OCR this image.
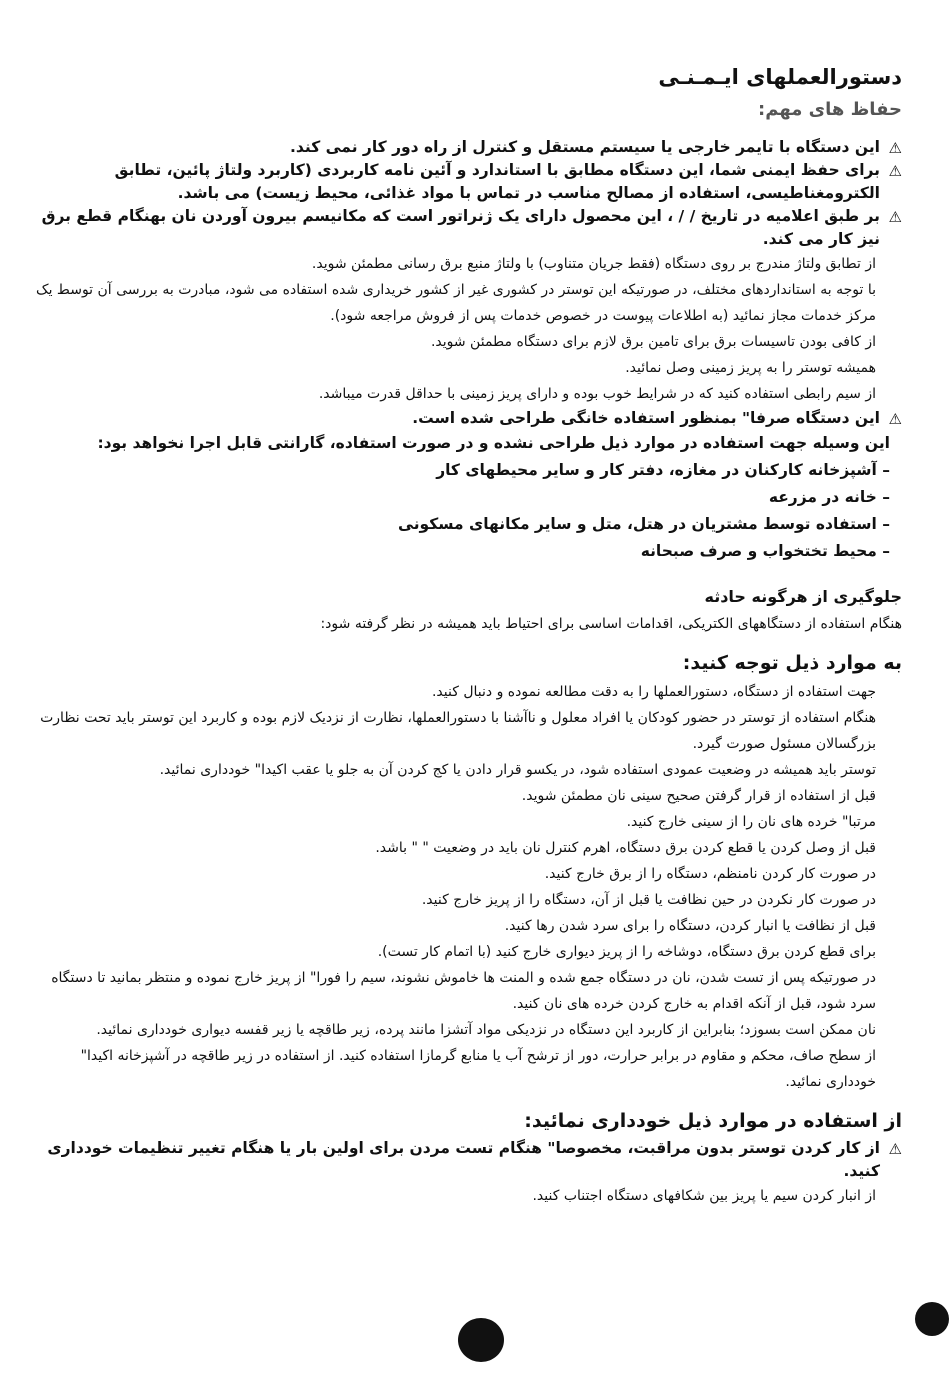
دستورالعملهای ایـمـنـی
حفاظ های مهم:

⚠
این دستگاه با تایمر خارجی یا سیستم مستقل و کنترل از راه دور کار نمی کند.

⚠
برای حفظ ایمنی شما، این دستگاه مطابق با استاندارد و آئین نامه کاربردی (کاربرد ولتاژ پائین، تطابق الکترومغناطیسی، استفاده از مصالح مناسب در تماس با مواد غذائی، محیط زیست) می باشد.

⚠
بر طبق اعلامیه در تاریخ / / ، این محصول دارای یک ژنراتور است که مکانیسم بیرون آوردن نان بهنگام قطع برق نیز کار می کند.

از تطابق ولتاژ مندرج بر روی دستگاه (فقط جریان متناوب) با ولتاژ منبع برق رسانی مطمئن شوید.

با توجه به استانداردهای مختلف، در صورتیکه این توستر در کشوری غیر از کشور خریداری شده استفاده می شود، مبادرت به بررسی آن توسط یک مرکز خدمات مجاز نمائید (به اطلاعات پیوست در خصوص خدمات پس از فروش مراجعه شود).

از کافی بودن تاسیسات برق برای تامین برق لازم برای دستگاه مطمئن شوید.

همیشه توستر را به پریز زمینی وصل نمائید.

از سیم رابطی استفاده کنید که در شرایط خوب بوده و دارای پریز زمینی با حداقل قدرت میباشد.

⚠
این دستگاه صرفا" بمنظور استفاده خانگی طراحی شده است.

این وسیله جهت استفاده در موارد ذیل طراحی نشده و در صورت استفاده، گارانتی قابل اجرا نخواهد بود:

– آشپزخانه کارکنان در مغازه، دفتر کار و سایر محیطهای کار

– خانه در مزرعه

– استفاده توسط مشتریان در هتل، متل و سایر مکانهای مسکونی

– محیط تختخواب و صرف صبحانه

جلوگیری از هرگونه حادثه

هنگام استفاده از دستگاههای الکتریکی، اقدامات اساسی برای احتیاط باید همیشه در نظر گرفته شود:

به موارد ذیل توجه کنید:

جهت استفاده از دستگاه، دستورالعملها را به دقت مطالعه نموده و دنبال کنید.

هنگام استفاده از توستر در حضور کودکان یا افراد معلول و ناآشنا با دستورالعملها، نظارت از نزدیک لازم بوده و کاربرد این توستر باید تحت نظارت بزرگسالان مسئول صورت گیرد.

توستر باید همیشه در وضعیت عمودی استفاده شود، در یکسو قرار دادن یا کج کردن آن به جلو یا عقب اکیدا" خودداری نمائید.

قبل از استفاده از قرار گرفتن صحیح سینی نان مطمئن شوید.

مرتبا" خرده های نان را از سینی خارج کنید.

قبل از وصل کردن یا قطع کردن برق دستگاه، اهرم کنترل نان باید در وضعیت " " باشد.

در صورت کار کردن نامنظم، دستگاه را از برق خارج کنید.

در صورت کار نکردن در حین نظافت یا قبل از آن، دستگاه را از پریز خارج کنید.

قبل از نظافت یا انبار کردن، دستگاه را برای سرد شدن رها کنید.

برای قطع کردن برق دستگاه، دوشاخه را از پریز دیواری خارج کنید (با اتمام کار تست).

در صورتیکه پس از تست شدن، نان در دستگاه جمع شده و المنت ها خاموش نشوند، سیم را فورا" از پریز خارج نموده و منتظر بمانید تا دستگاه سرد شود، قبل از آنکه اقدام به خارج کردن خرده های نان کنید.

نان ممکن است بسوزد؛ بنابراین از کاربرد این دستگاه در نزدیکی مواد آتشزا مانند پرده، زیر طاقچه یا زیر قفسه دیواری خودداری نمائید.

از سطح صاف، محکم و مقاوم در برابر حرارت، دور از ترشح آب یا منابع گرمازا استفاده کنید. از استفاده در زیر طاقچه در آشپزخانه اکیدا" خودداری نمائید.

از استفاده در موارد ذیل خودداری نمائید:

⚠
از کار کردن توستر بدون مراقبت، مخصوصا" هنگام تست مردن برای اولین بار یا هنگام تغییر تنظیمات خودداری کنید.

از انبار کردن سیم یا پریز بین شکافهای دستگاه اجتناب کنید.
